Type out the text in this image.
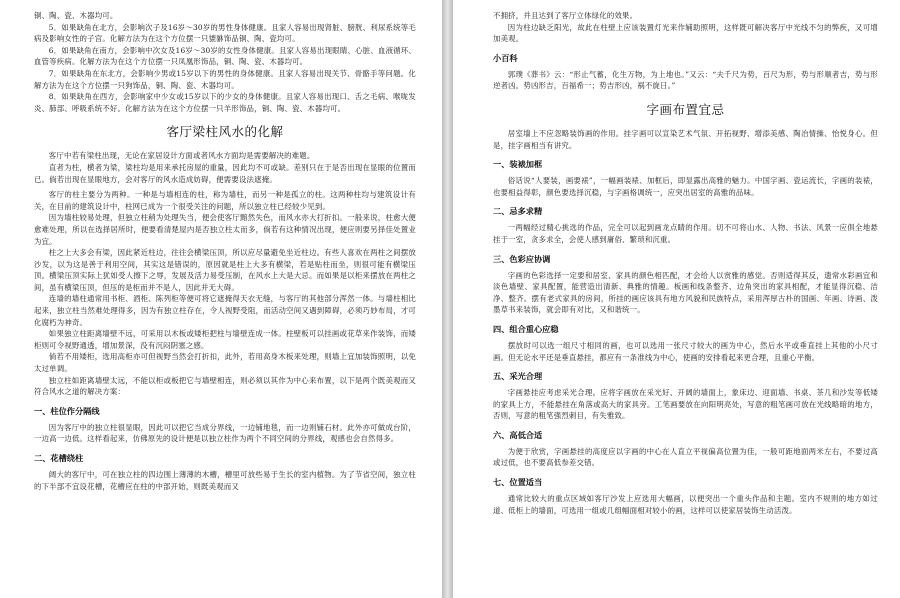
铜、陶、瓷、木器均可。

5．如果缺角在北方，会影响次子及16岁～30岁的男性身体健康。且家人容易出现肾脏、膀胱、利尿系统等毛病及影响女性的子宫。化解方法为在这个方位摆一只貔貅饰品铜、陶、瓷均可。

6．如果缺角在南方，会影响中次女及16岁～30岁的女性身体健康。且家人容易出现眼睛、心脏、血液循环、血管等疾病。化解方法为在这个方位摆一只凤凰形饰品，铜、陶、瓷、木器均可。

7．如果缺角在东北方，会影响少男或15岁以下的男性的身体健康。且家人容易出现关节、骨骼手等问题。化解方法为在这个方位摆一只狗饰品，铜、陶、瓷、木器均可。

8．如果缺角在西方，会影响家中少女或15岁以下的少女的身体健康。且家人容易出现口、舌之毛病、喉咙发炎、肺部、呼吸系统不好。化解方法为在这个方位摆一只羊形饰品，铜、陶、瓷、木器均可。

客厅梁柱风水的化解

客厅中若有梁柱出现，无论在家居设计方面或者风水方面均是需要解决的难题。

直者为柱，横者为梁，梁柱均是用来承托房屋的重量，因此均不可或缺。差别只在于是否出现在显眼的位置而已。倘若出现在显眼地方，会对客厅的风水造成妨碍，便需要设法遮掩。

客厅的柱主要分为两种。一种是与墙相连的柱，称为墙柱，而另一种是孤立的柱。这两种柱均与建筑设计有关，在目前的建筑设计中，柱网已成为一个很受关注的问题，所以独立柱已经较少见到。

因为墙柱较易处理，但独立柱稍为处理失当，便会使客厅黯然失色，而风水亦大打折扣。一般来说，柱愈大便愈难处理，所以在选择居所时，便要看清楚屋内是否独立柱太而多，倘若有这种情况出现，便应则要另择佳处置业为宜。

柱之上大多会有梁，因此紧近柱边，往往会横梁压顶，所以应尽量避免坐近柱边。有些人喜欢在两柱之间摆放沙发，以为这是善于利用空间，其实这是错误的，原因就是柱上大多有横梁，若是贴柱而坐，则很可能有横梁压顶。横梁压顶实际上犹如受人擦下之辱，发展及活力易受压制，在风水上大是大忌。而如果是以柜来摆放在两柱之间，虽有横梁压顶，但压的是柜而并不是人，因此并无大碍。

连墙的墙柱通常用书柜、酒柜、陈列柜等便可将它遮掩得天衣无缝，与客厅的其他部分浑然一体。与墙柱相比起来，独立柱当然难处理得多，因为有独立柱存在，令人视野受阻，而活动空间又遇到障碍，必须巧妙布局，才可化腐朽为神奇。

如果独立柱距离墙壁不远，可采用以木板或矮柜把柱与墙壁连成一体。柱壁板可以挂画或花草来作装饰，而矮柜则可令视野通透，增加景深，没有沉闷阴塞之感。

倘若不用矮柜，选用高柜亦可但视野当然会打折扣，此外，若用高身木板来处理，则墙上宜加装饰照明，以免太过单调。

独立柱如距离墙壁太远，不能以柜或板把它与墙壁相连，则必须以其作为中心来布置，以下是两个既美观而又符合风水之道的解决方案：

一、柱位作分隔线

因为客厅中的独立柱很显眼，因此可以把它当成分界线，一边铺地毯，而一边则铺石材。此外亦可做成台阶，一边高一边低。这样看起来，仿佛原先的设计便是以独立柱作为两个不同空间的分界线，观感也会自然得多。

二、花槽绕柱

阔大的客厅中，可在独立柱的四边围上薄薄的木槽，槽里可放些易于生长的室内植物。为了节省空间，独立柱的下半部不宜设花槽，花槽应在柱的中部开始，则既美观而又

不拥挤，并且达到了客厅立体绿化的效果。

因为柱边缺乏阳光，故此在柱壁上应该装置灯光来作辅助照明，这样既可解决客厅中光线不匀的弊疾，又可增加美观。

小百科

郭璞《葬书》云：“形止气蓄，化生万物，为上地也。”又云：“夫千尺为势，百尺为形，势与形顺者吉，势与形逆者凶。势凶形吉，百福希一；势吉形凶，祸不旋日。”

字画布置宜忌

居室墙上不应忽略装饰画的作用。挂字画可以宣染艺术气氛、开拓视野、增添美感、陶冶情操、怡悦身心。但是，挂字画相当有讲究。

一、装裱加框

俗话说“人要装，画要裱”，一幅画装裱、加框后，即显露出高雅的魅力。中国字画、瓷运流长，字画的装裱，也要相益得彰，颜色要选择沉稳，与字画格调统一，应突出居室的高雅的品味。

二、忌多求精

一两幅经过精心挑选的作品，完全可以起到画龙点睛的作用。切不可将山水、人物、书法、风景一应俱全地悬挂于一室，贪多求全，会使人感到庸俗、繁琐和沉重。

三、色彩应协调

字画的色彩选择一定要和居室、家具的颜色相匹配，才会给人以赏雅的感觉。否则适得其反，遗常水彩画宜和淡色墙壁、家具配置，能营造出清新、典雅的情趣。板画和线条整齐、边角突出的家具相配，才能显得沉稳、洁净、整齐。摆有老式家具的房间，所挂的画应该具有地方风貌和民族特点，采用浑厚古朴的国画、年画、诗画、泼墨草书来装饰，就会即有对比，又和谐统一。

四、组合重心应稳

摆放时可以选一组尺寸相同的画，也可以选用一张尺寸较大的画为中心，然后水平或垂直挂上其他的小尺寸画。但无论水平还是垂直悬挂，都应有一条准线为中心，使画的安排看起来更合理，且重心平衡。

五、采光合理

字画悬挂应考虑采光合理。应将字画放在采光好、开阔的墙面上，象床边、迎面墙、书桌、茶几和沙发等低矮的家具上方，不能悬挂在角落或高大的家具旁。工笔画要放在向阳明亮处，写意的粗笔画可放在光线略暗的地方，否则，写意的粗笔强烈刺目，有失雅致。

六、高低合适

为便于欣赏，字画悬挂的高度应以字画的中心在人直立平视偏高位置为佳，一般可距地面两米左右，不要过高或过低，也不要高低参差交错。

七、位置适当

通常比较大的重点区域如客厅沙发上应选用大幅画，以便突出一个重头作品和主题。室内不规则的地方如过道、低柜上的墙面，可选用一组或几组幅面相对较小的画，这样可以使家居装饰生动活泼。
